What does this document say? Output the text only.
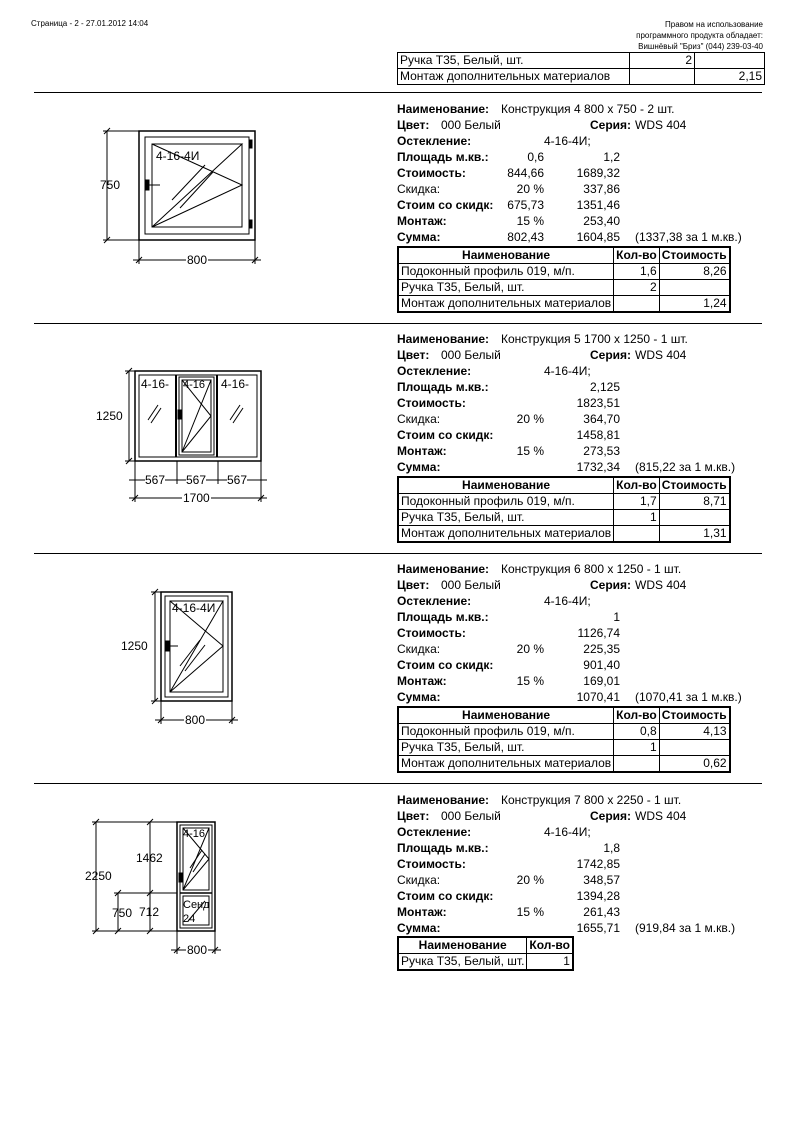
Страница - 2 - 27.01.2012 14:04	Правом на использование
программного продукта обладает:
Вишнёвый "Бриз" (044) 239-03-40
Ручка Т35, Белый, шт.	2	
Монтаж дополнительных материалов		2,15
750
800
4-16-4И
Наименование: Конструкция 4 800 x 750 - 2 шт.
Цвет: 000 Белый	Серия: WDS 404
Остекление:	4-16-4И;
Площадь м.кв.:	0,6	1,2
Стоимость:	844,66	1689,32
Скидка:	20 %	337,86
Стоим со скидк: 675,73	1351,46
Монтаж:	15 %	253,40
Сумма:	802,43	1604,85 (1337,38 за 1 м.кв.)
Наименование	Кол-во	Стоимость
Подоконный профиль 019, м/п.	1,6	8,26
Ручка Т35, Белый, шт.	2	
Монтаж дополнительных материалов		1,24
1250
567 567 567
1700
4-16- 4-16 4-16-
Наименование: Конструкция 5 1700 x 1250 - 1 шт.
Цвет: 000 Белый	Серия: WDS 404
Остекление:	4-16-4И;
Площадь м.кв.:	2,125
Стоимость:	1823,51
Скидка:	20 %	364,70
Стоим со скидк:	1458,81
Монтаж:	15 %	273,53
Сумма:	1732,34 (815,22 за 1 м.кв.)
Наименование	Кол-во	Стоимость
Подоконный профиль 019, м/п.	1,7	8,71
Ручка Т35, Белый, шт.	1	
Монтаж дополнительных материалов		1,31
1250
800
4-16-4И
Наименование: Конструкция 6 800 x 1250 - 1 шт.
Цвет: 000 Белый	Серия: WDS 404
Остекление:	4-16-4И;
Площадь м.кв.:	1
Стоимость:	1126,74
Скидка:	20 %	225,35
Стоим со скидк:	901,40
Монтаж:	15 %	169,01
Сумма:	1070,41 (1070,41 за 1 м.кв.)
Наименование	Кол-во	Стоимость
Подоконный профиль 019, м/п.	0,8	4,13
Ручка Т35, Белый, шт.	1	
Монтаж дополнительных материалов		0,62
2250
1462
712
750
800
4-16
Сенд
24
Наименование: Конструкция 7 800 x 2250 - 1 шт.
Цвет: 000 Белый	Серия: WDS 404
Остекление:	4-16-4И;
Площадь м.кв.:	1,8
Стоимость:	1742,85
Скидка:	20 %	348,57
Стоим со скидк:	1394,28
Монтаж:	15 %	261,43
Сумма:	1655,71 (919,84 за 1 м.кв.)
Наименование	Кол-во
Ручка Т35, Белый, шт.	1
